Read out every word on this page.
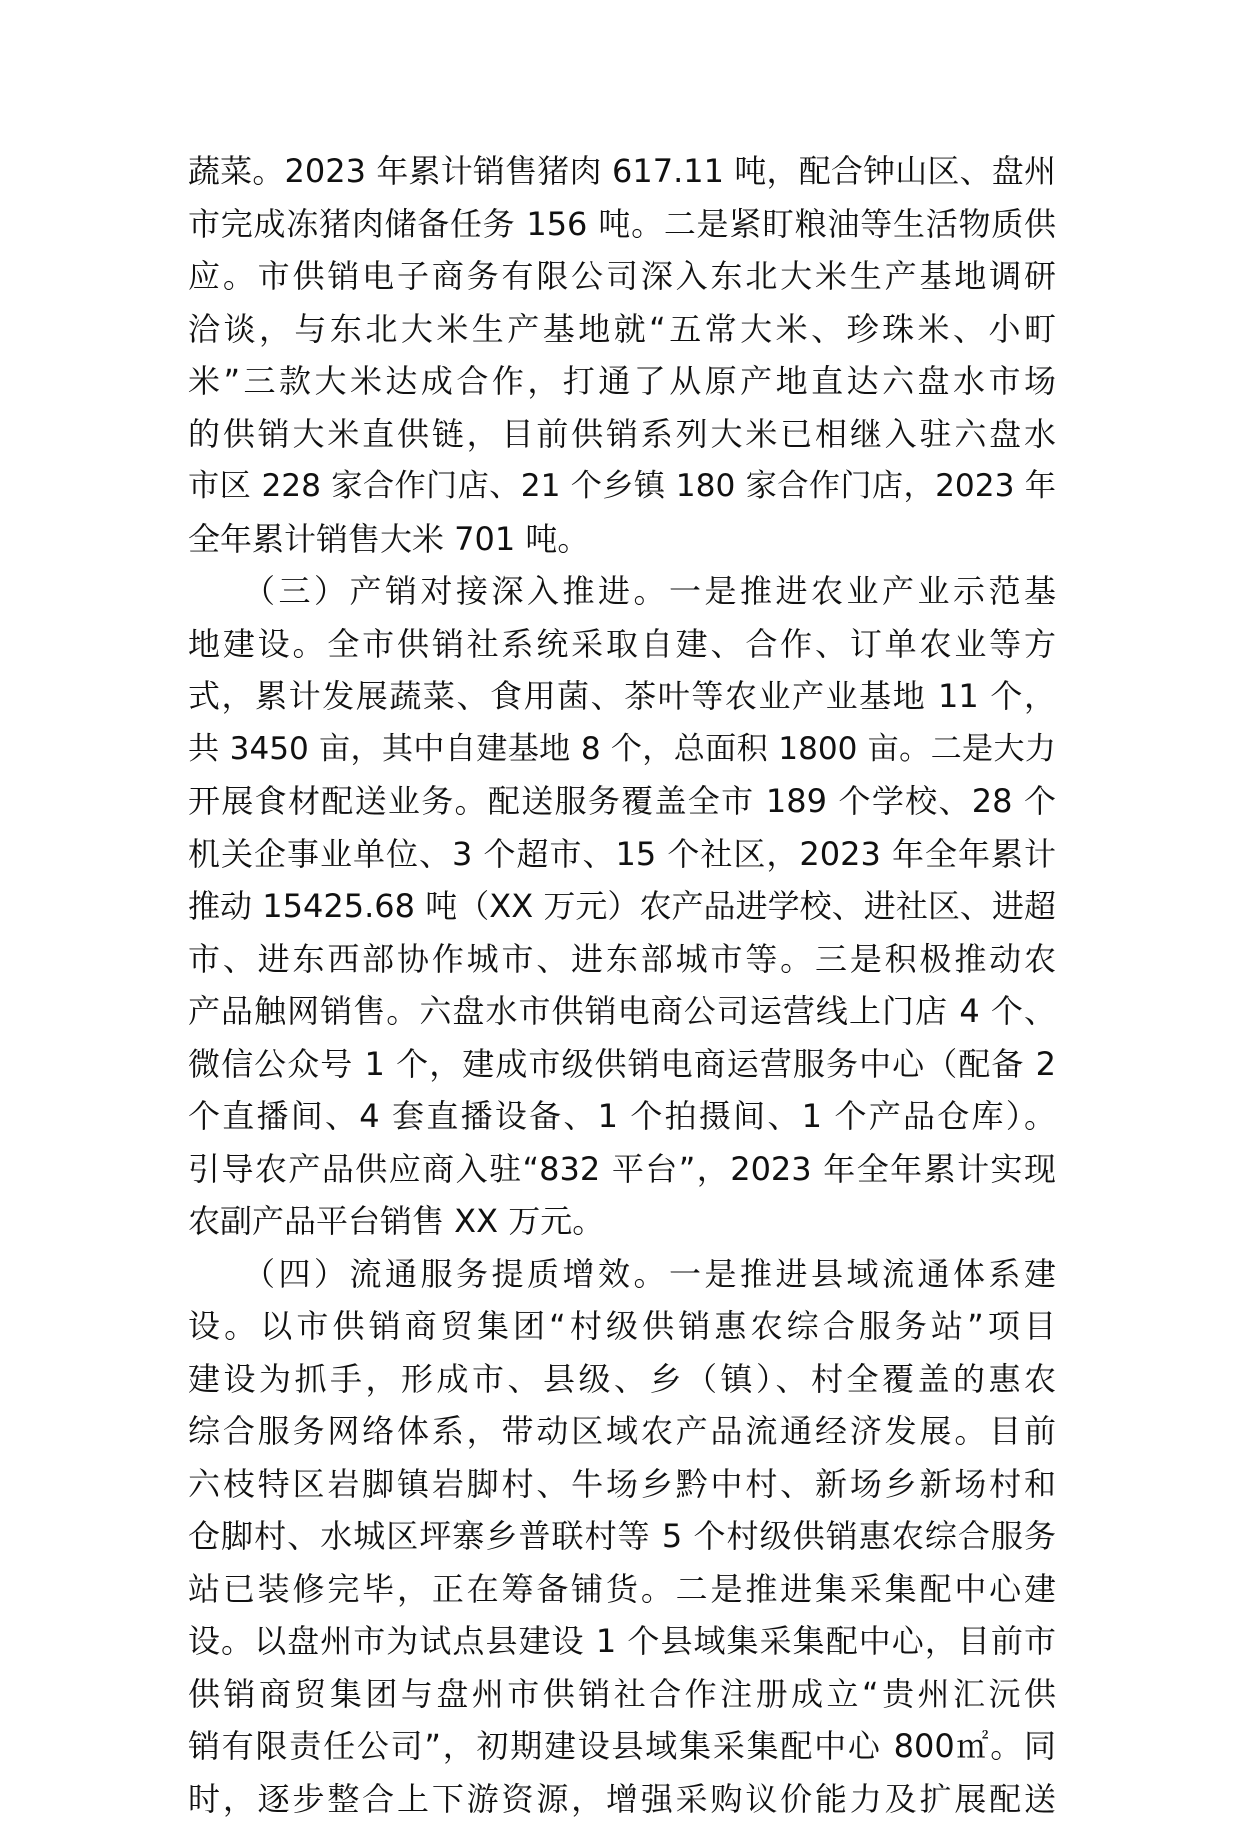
蔬菜。2023 年累计销售猪肉 617.11 吨，配合钟山区、盘州
市完成冻猪肉储备任务 156 吨。二是紧盯粮油等生活物质供
应。市供销电子商务有限公司深入东北大米生产基地调研
洽谈，与东北大米生产基地就“五常大米、珍珠米、小町
米”三款大米达成合作，打通了从原产地直达六盘水市场
的供销大米直供链，目前供销系列大米已相继入驻六盘水
市区 228 家合作门店、21 个乡镇 180 家合作门店，2023 年
全年累计销售大米 701 吨。
　　（三）产销对接深入推进。一是推进农业产业示范基
地建设。全市供销社系统采取自建、合作、订单农业等方
式，累计发展蔬菜、食用菌、茶叶等农业产业基地 11 个，
共 3450 亩，其中自建基地 8 个，总面积 1800 亩。二是大力
开展食材配送业务。配送服务覆盖全市 189 个学校、28 个
机关企事业单位、3 个超市、15 个社区，2023 年全年累计
推动 15425.68 吨（XX 万元）农产品进学校、进社区、进超
市、进东西部协作城市、进东部城市等。三是积极推动农
产品触网销售。六盘水市供销电商公司运营线上门店 4 个、
微信公众号 1 个，建成市级供销电商运营服务中心（配备 2
个直播间、4 套直播设备、1 个拍摄间、1 个产品仓库）。
引导农产品供应商入驻“832 平台”，2023 年全年累计实现
农副产品平台销售 XX 万元。
　　（四）流通服务提质增效。一是推进县域流通体系建
设。以市供销商贸集团“村级供销惠农综合服务站”项目
建设为抓手，形成市、县级、乡（镇）、村全覆盖的惠农
综合服务网络体系，带动区域农产品流通经济发展。目前
六枝特区岩脚镇岩脚村、牛场乡黔中村、新场乡新场村和
仓脚村、水城区坪寨乡普联村等 5 个村级供销惠农综合服务
站已装修完毕，正在筹备铺货。二是推进集采集配中心建
设。以盘州市为试点县建设 1 个县域集采集配中心，目前市
供销商贸集团与盘州市供销社合作注册成立“贵州汇沅供
销有限责任公司”，初期建设县域集采集配中心 800㎡。同
时，逐步整合上下游资源，增强采购议价能力及扩展配送
